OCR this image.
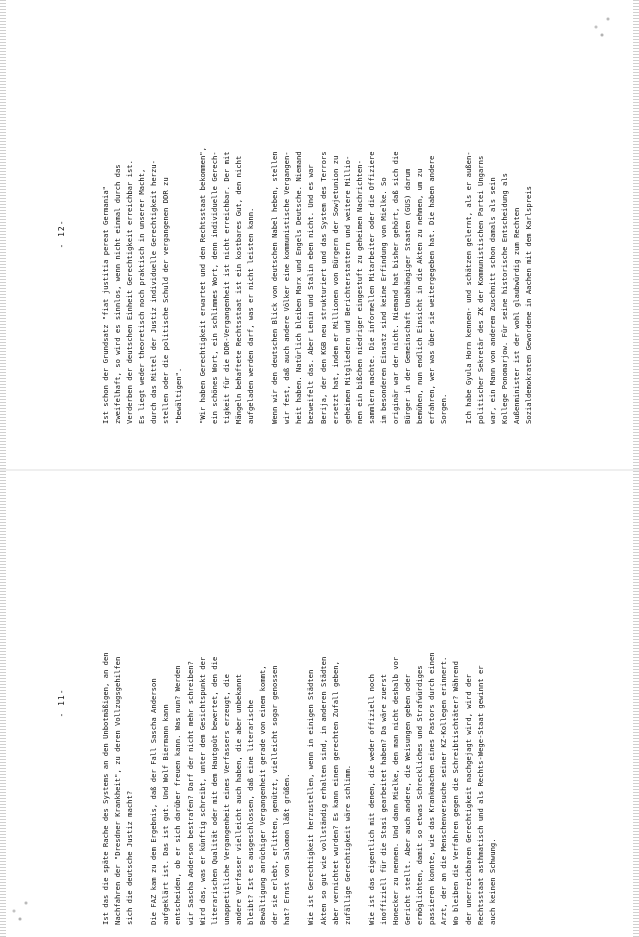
- 11-	Ist das die späte Rache des Systems an den Unbotmäßigen, an den Nachfahren der "Dresdner Krankheit", zu deren Vollzugsgehilfen sich die deutsche Justiz macht? Die FAZ kam zu dem Ergebnis, daß der Fall Sascha Anderson aufgeklärt ist. Das ist gut. Und Wolf Biermann kann entscheiden, ob er sich darüber freuen kann. Was nun? Werden wir Sascha Anderson bestrafen? Darf der nicht mehr schreiben? Wird das, was er künftig schreibt, unter dem Gesichtspunkt der literarischen Qualität oder mit dem Hautgoût bewertet, den die unappetitliche Vergangenheit eines Verfassers erzeugt, die andere Verfasser vielleicht auch haben, die aber unbekannt bleibt? Ist es ausgeschlossen, daß eine literarische Bewältigung anrüchiger Vergangenheit gerade von einem kommt, der sie erlebt, erlitten, genützt, vielleicht sogar genossen hat? Ernst von Salomon läßt grüßen. Wie ist Gerechtigkeit herzustellen, wenn in einigen Städten Akten so gut wie vollständig erhalten sind, in anderen Städten aber vernichtet wurden? Es kann einen gerechten Zufall geben, zufällige Gerechtigkeit wäre schlimm. Wie ist das eigentlich mit denen, die weder offiziell noch inoffiziell für die Stasi gearbeitet haben? Da wäre zuerst Honecker zu nennen. Und dann Mielke, den man nicht deshalb vor Gericht stellt. Aber auch andere, die Weisungen geben oder ermöglichten, damit so etwas Schreckliches und Strafwürdiges passieren konnte, wie das Krankmachen eines Pastors durch einen Arzt, der an die Menschenversuche seiner KZ-Kollegen erinnert. Wo bleiben die Verfahren gegen die Schreibtischtäter? Während der unerreichbaren Gerechtigkeit nachgejagt wird, wird der Rechtsstaat asthmatisch und als Rechts-Wege-Staat gewinnt er auch keinen Schwung.
- 12-	Ist schon der Grundsatz "fiat justitia pereat Germania" zweifelhaft, so wird es sinnlos, wenn nicht einmal durch das Verderben der deutschen Einheit Gerechtigkeit erreichbar ist. Es liegt weder theoretisch noch praktisch in unserer Macht, durch das Mittel der Justiz individuelle Gerechtigkeit herzu- stellen oder die politische Schuld der vergangenen DDR zu "bewältigen". "Wir haben Gerechtigkeit erwartet und den Rechtsstaat bekommen", ein schönes Wort, ein schlimmes Wort, denn individuelle Gerech- tigkeit für die DDR-Vergangenheit ist nicht erreichbar. Der mit Mängeln behaftete Rechtsstaat ist ein kostbares Gut, den nicht aufgeladen werden darf, was er nicht leisten kann. Wenn wir den deutschen Blick von deutschen Nabel heben, stellen wir fest, daß auch andere Völker eine kommunistische Vergangen- heit haben. Natürlich bleiben Marx und Engels Deutsche. Niemand bezweifelt das. Aber Lenin und Stalin eben nicht. Und es war Berija, der den KGB neu strukturiert und das System des Terrors ersetzt hat, indem er Millionen von Bürgern der Sowjetunion zu geheimen Mitgliedern und Berichterstattern und weitere Millio- nen ein bißchen niedriger eingestuft zu geheimen Nachrichten- sammlern machte. Die informellen Mitarbeiter oder die Offiziere im besonderen Einsatz sind keine Erfindung von Mielke. So originär war der nicht. Niemand hat bisher gehört, daß sich die Bürger in der Gemeinschaft Unabhängiger Staaten (GUS) darum bemühen, nun endlich Einsicht in die Akten zu nehmen, um zu erfahren, wer was über sie weitergegeben hat. Die haben andere Sorgen. Ich habe Gyula Horn kennen- und schätzen gelernt, als er außen- politischer Sekretär des ZK der Kommunistischen Partei Ungarns war, ein Mann von anderem Zuschnitt schon damals als sein Kollege Ponomarjow. Für seine historische Entscheidung als Außenminister ist der wohl glaubwürdig zum Rechten Sozialdemokraten Gewordene in Aachen mit dem Karlspreis
